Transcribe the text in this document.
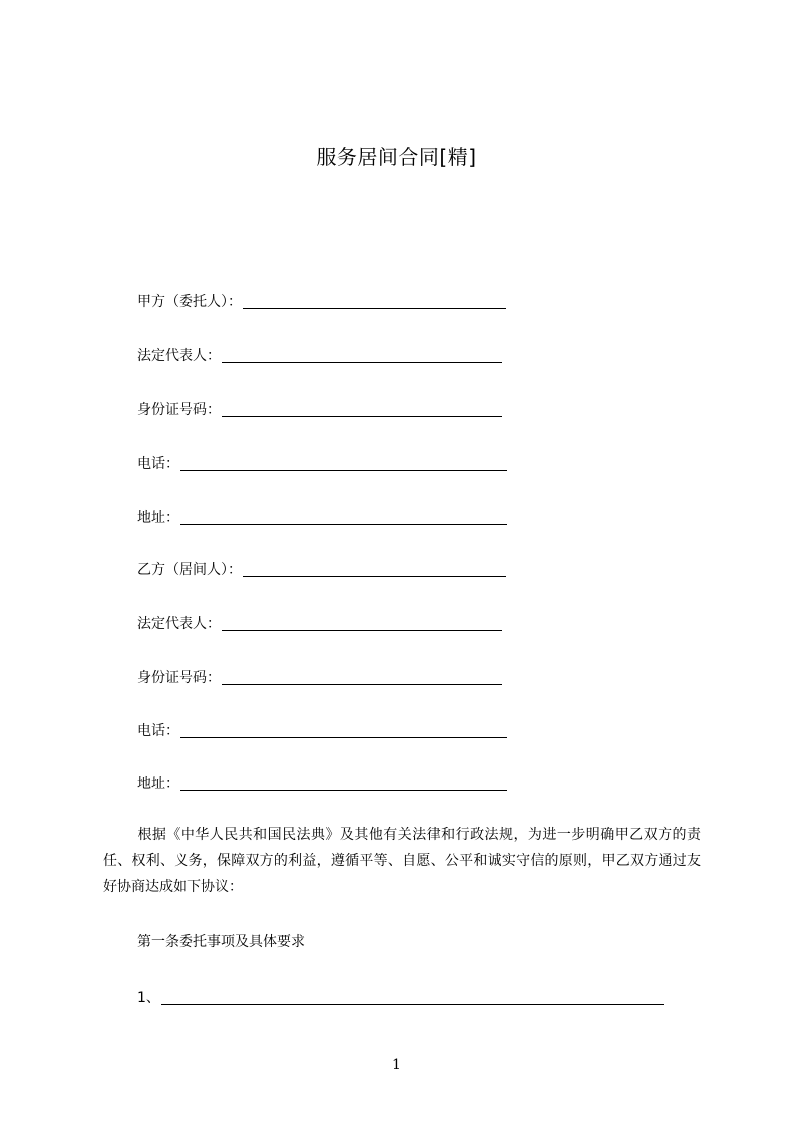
服务居间合同[精]
甲方（委托人）：
法定代表人：
身份证号码：
电话：
地址：
乙方（居间人）：
法定代表人：
身份证号码：
电话：
地址：
根据《中华人民共和国民法典》及其他有关法律和行政法规，为进一步明确甲乙双方的责任、权利、义务，保障双方的利益，遵循平等、自愿、公平和诚实守信的原则，甲乙双方通过友好协商达成如下协议：
第一条委托事项及具体要求
1、
1
